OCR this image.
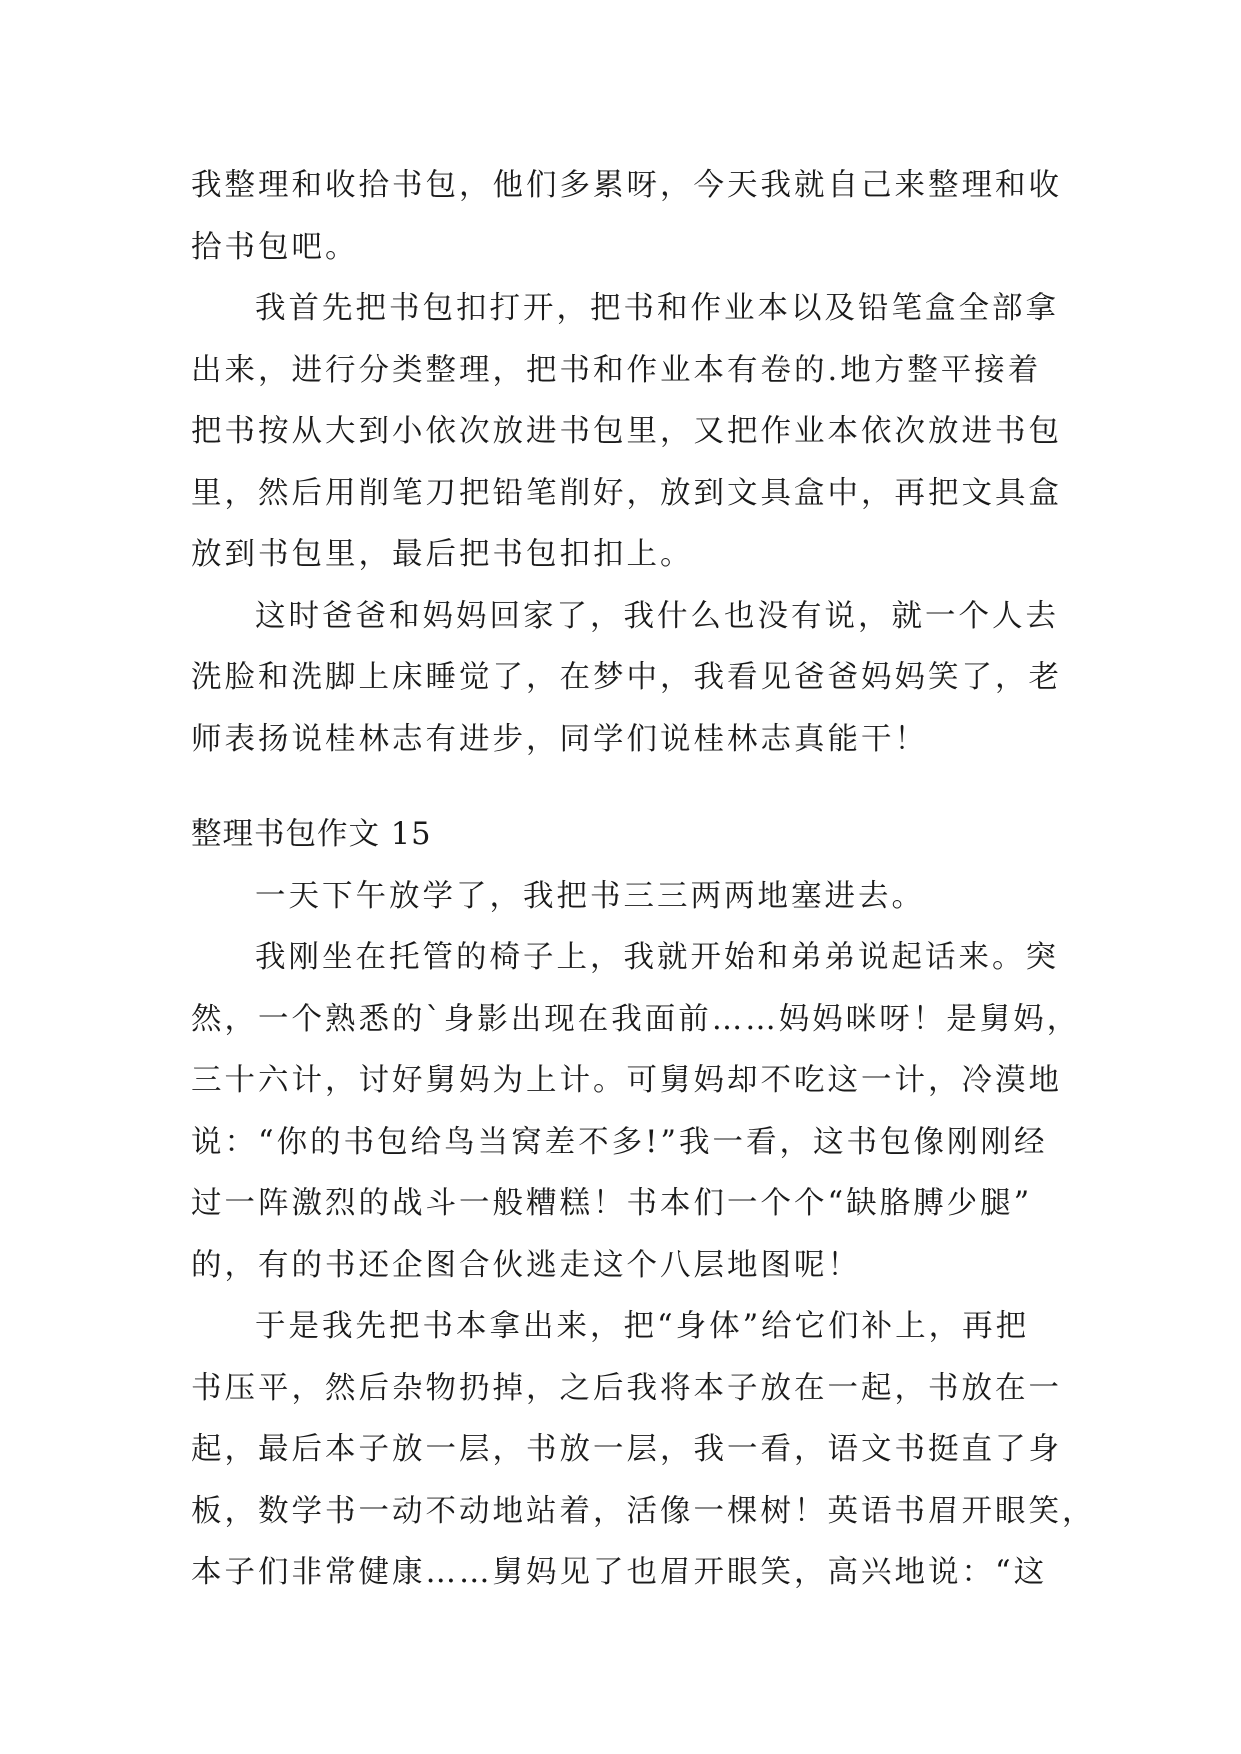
我整理和收拾书包，他们多累呀，今天我就自己来整理和收
拾书包吧。
我首先把书包扣打开，把书和作业本以及铅笔盒全部拿
出来，进行分类整理，把书和作业本有卷的.地方整平接着
把书按从大到小依次放进书包里，又把作业本依次放进书包
里，然后用削笔刀把铅笔削好，放到文具盒中，再把文具盒
放到书包里，最后把书包扣扣上。
这时爸爸和妈妈回家了，我什么也没有说，就一个人去
洗脸和洗脚上床睡觉了，在梦中，我看见爸爸妈妈笑了，老
师表扬说桂林志有进步，同学们说桂林志真能干！
整理书包作文 15
一天下午放学了，我把书三三两两地塞进去。
我刚坐在托管的椅子上，我就开始和弟弟说起话来。突
然，一个熟悉的`身影出现在我面前……妈妈咪呀！是舅妈，
三十六计，讨好舅妈为上计。可舅妈却不吃这一计，冷漠地
说：“你的书包给鸟当窝差不多!”我一看，这书包像刚刚经
过一阵激烈的战斗一般糟糕！书本们一个个“缺胳膊少腿”
的，有的书还企图合伙逃走这个八层地图呢！
于是我先把书本拿出来，把“身体”给它们补上，再把
书压平，然后杂物扔掉，之后我将本子放在一起，书放在一
起，最后本子放一层，书放一层，我一看，语文书挺直了身
板，数学书一动不动地站着，活像一棵树！英语书眉开眼笑，
本子们非常健康……舅妈见了也眉开眼笑，高兴地说：“这
